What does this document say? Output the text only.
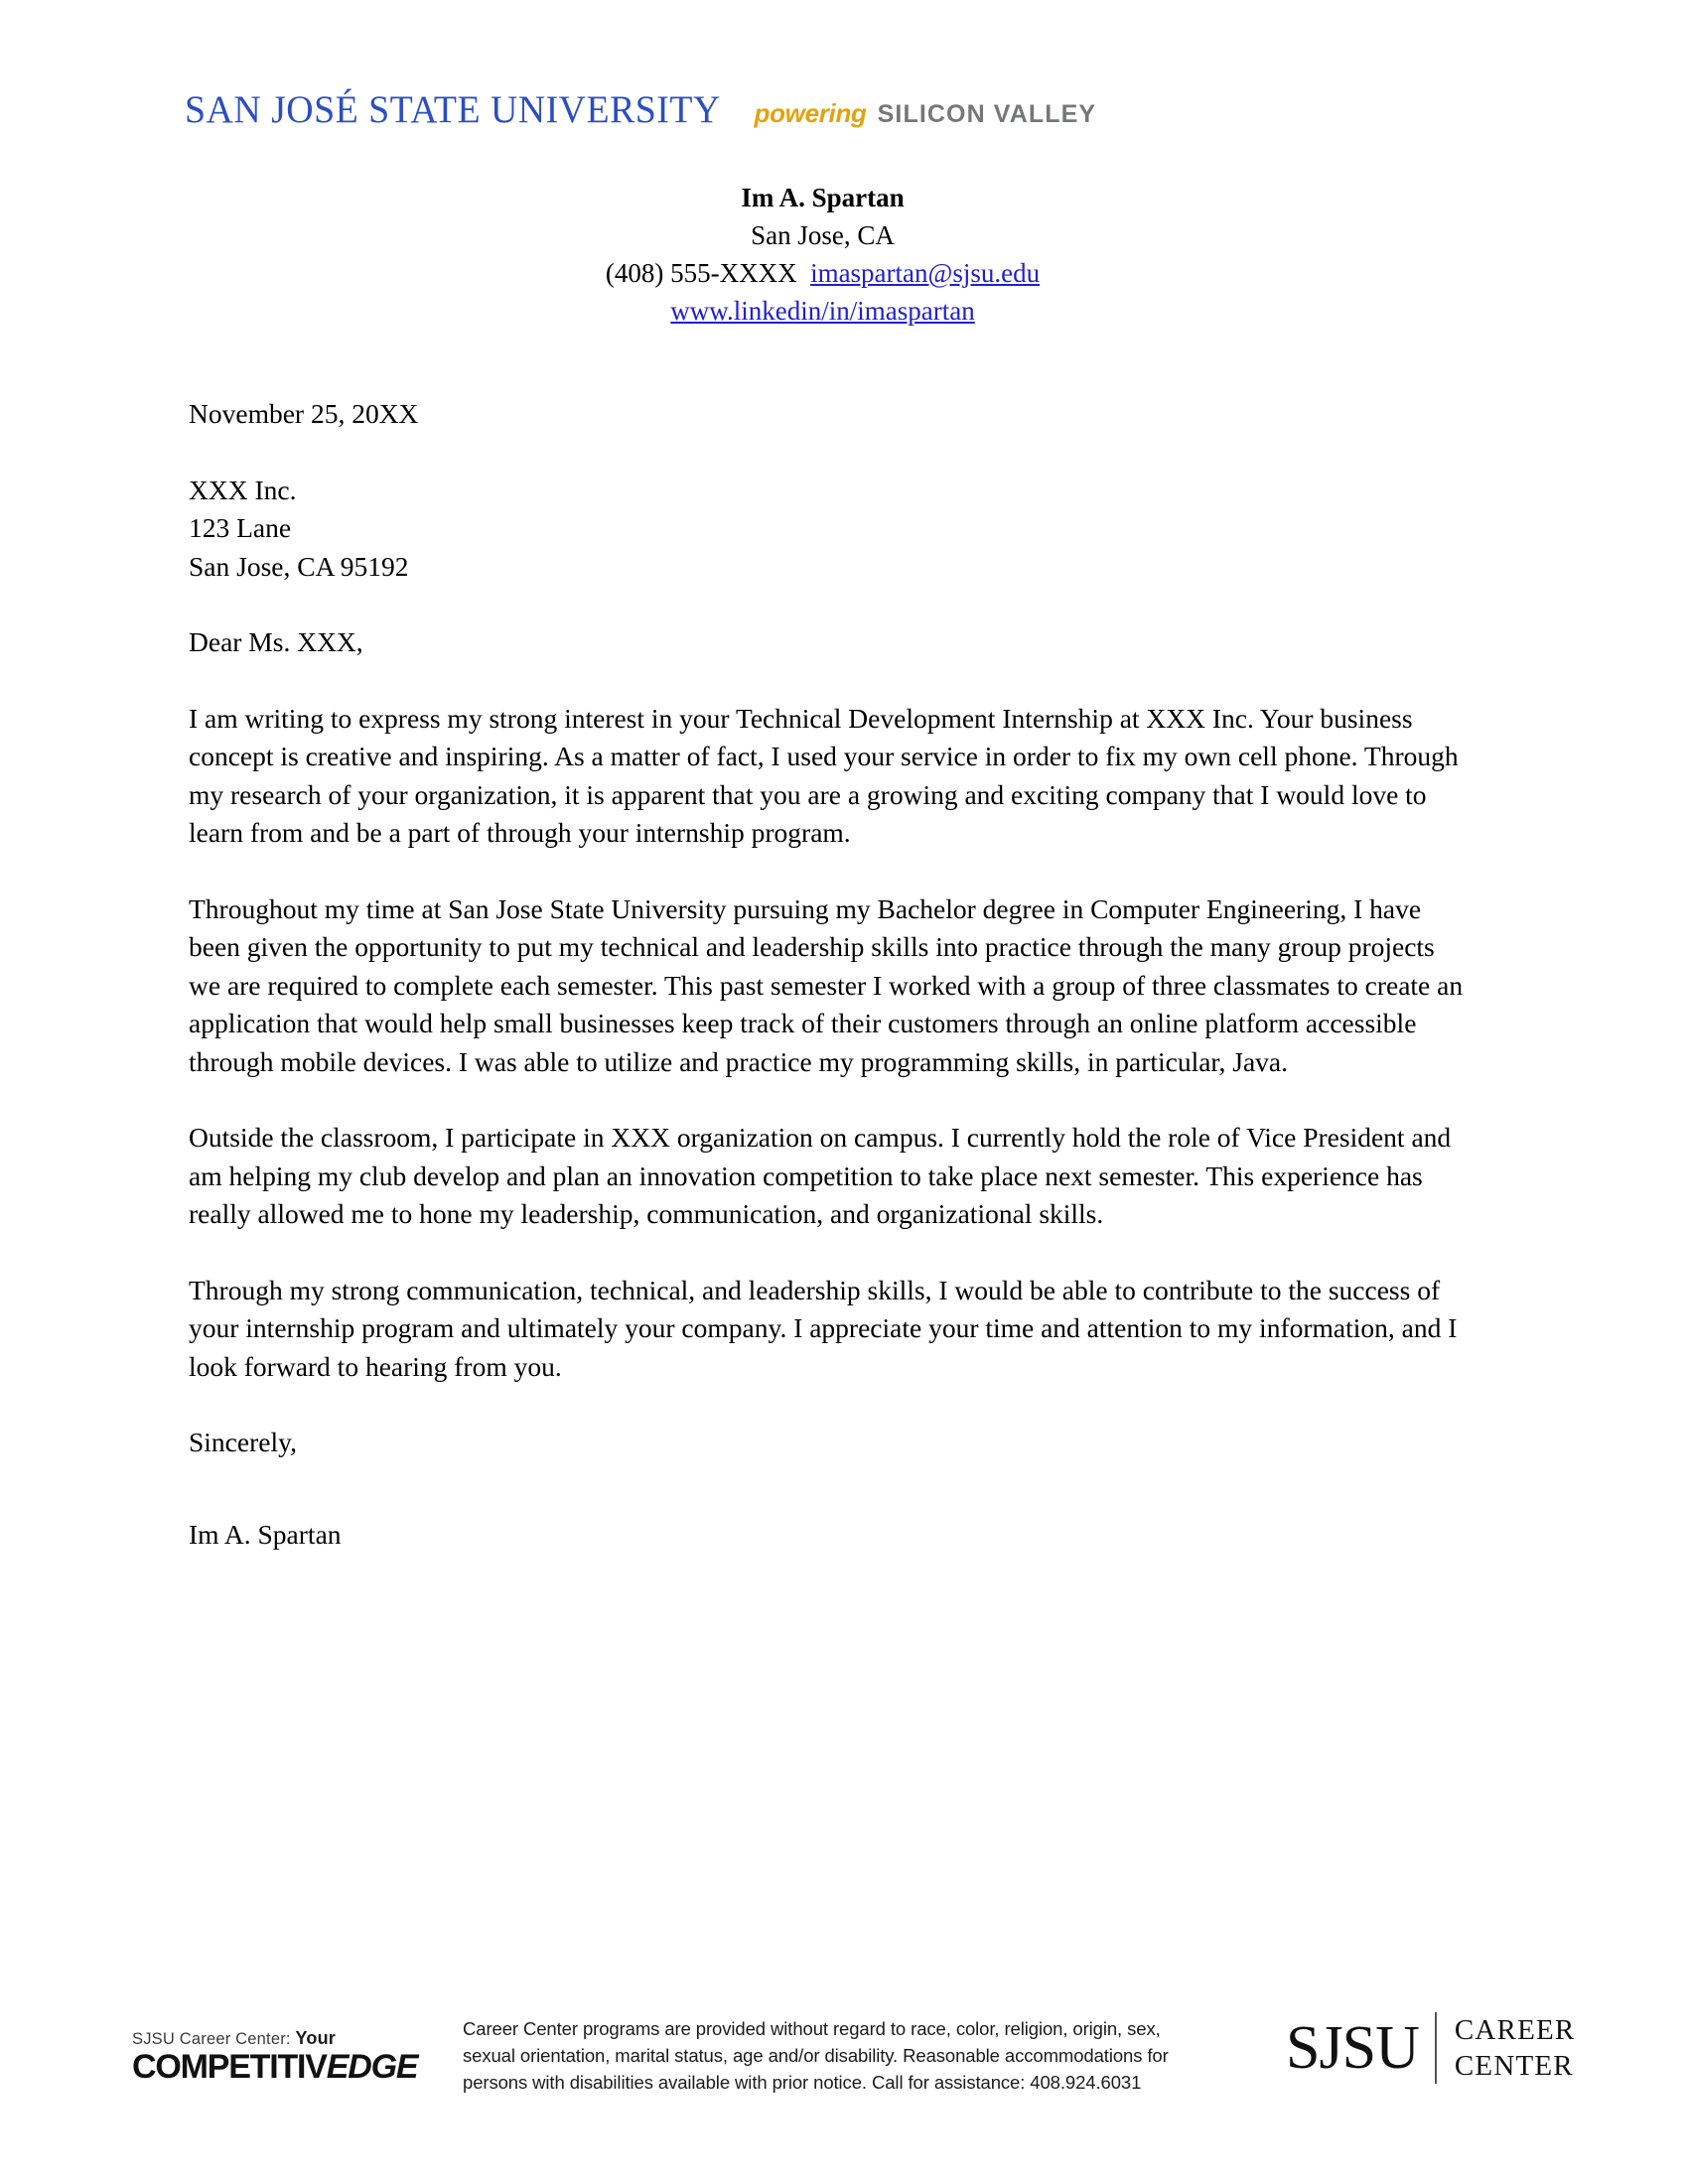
SAN JOSÉ STATE UNIVERSITY powering SILICON VALLEY
Im A. Spartan
San Jose, CA
(408) 555-XXXX imaspartan@sjsu.edu
www.linkedin/in/imaspartan
November 25, 20XX
XXX Inc.
123 Lane
San Jose, CA 95192
Dear Ms. XXX,

I am writing to express my strong interest in your Technical Development Internship at XXX Inc. Your business concept is creative and inspiring. As a matter of fact, I used your service in order to fix my own cell phone. Through my research of your organization, it is apparent that you are a growing and exciting company that I would love to learn from and be a part of through your internship program.

Throughout my time at San Jose State University pursuing my Bachelor degree in Computer Engineering, I have been given the opportunity to put my technical and leadership skills into practice through the many group projects we are required to complete each semester. This past semester I worked with a group of three classmates to create an application that would help small businesses keep track of their customers through an online platform accessible through mobile devices. I was able to utilize and practice my programming skills, in particular, Java.

Outside the classroom, I participate in XXX organization on campus. I currently hold the role of Vice President and am helping my club develop and plan an innovation competition to take place next semester. This experience has really allowed me to hone my leadership, communication, and organizational skills.

Through my strong communication, technical, and leadership skills, I would be able to contribute to the success of your internship program and ultimately your company. I appreciate your time and attention to my information, and I look forward to hearing from you.

Sincerely,
Im A. Spartan
SJSU Career Center: Your
COMPETITIVEDGE
Career Center programs are provided without regard to race, color, religion, origin, sex,
sexual orientation, marital status, age and/or disability. Reasonable accommodations for
persons with disabilities available with prior notice. Call for assistance: 408.924.6031
SJSU CAREER
CENTER
